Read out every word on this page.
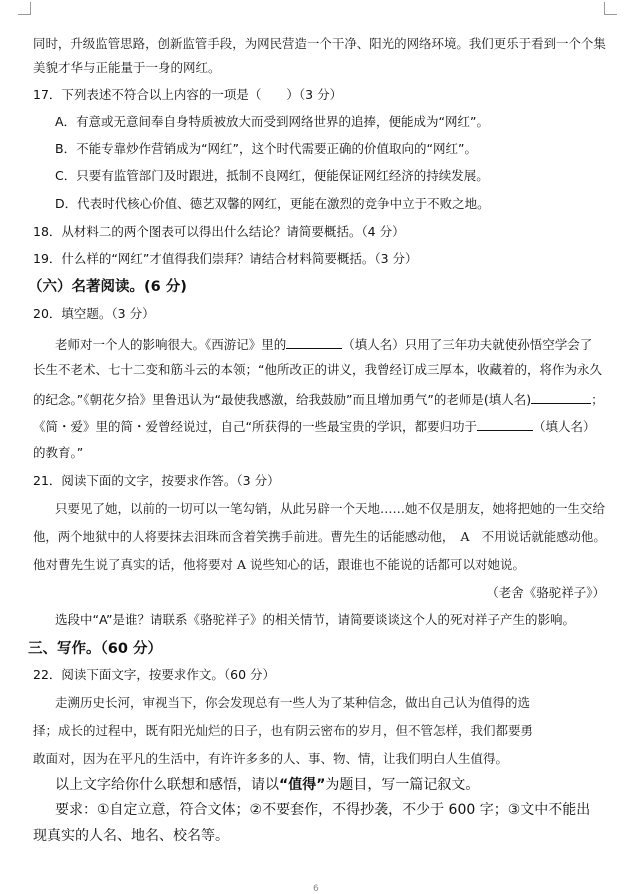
同时，升级监管思路，创新监管手段，为网民营造一个干净、阳光的网络环境。我们更乐于看到一个个集
美貌才华与正能量于一身的网红。
17．下列表述不符合以上内容的一项是（　　）（3 分）
A．有意或无意间奉自身特质被放大而受到网络世界的追捧，便能成为“网红”。
B．不能专靠炒作营销成为“网红”，这个时代需要正确的价值取向的“网红”。
C．只要有监管部门及时跟进，抵制不良网红，便能保证网红经济的持续发展。
D．代表时代核心价值、德艺双馨的网红，更能在激烈的竞争中立于不败之地。
18．从材料二的两个图表可以得出什么结论？请简要概括。（4 分）
19．什么样的“网红”才值得我们崇拜？请结合材料简要概括。（3 分）
（六）名著阅读。(6 分)
20．填空题。（3 分）
老师对一个人的影响很大。《西游记》里的	（填人名）只用了三年功夫就使孙悟空学会了
长生不老术、七十二变和筋斗云的本领；“他所改正的讲义，我曾经订成三厚本，收藏着的，将作为永久
的纪念。”《朝花夕拾》里鲁迅认为“最使我感激，给我鼓励”而且增加勇气”的老师是(填人名)	；
《简・爱》里的简・爱曾经说过，自己“所获得的一些最宝贵的学识，都要归功于	（填人名）
的教育。”
21．阅读下面的文字，按要求作答。（3 分）
只要见了她，以前的一切可以一笔勾销，从此另辟一个天地……她不仅是朋友，她将把她的一生交给
他，两个地狱中的人将要抹去泪珠而含着笑携手前进。曹先生的话能感动他，　A　不用说话就能感动他。
他对曹先生说了真实的话，他将要对 A 说些知心的话，跟谁也不能说的话都可以对她说。
（老舍《骆驼祥子》）
选段中“A”是谁？请联系《骆驼祥子》的相关情节，请简要谈谈这个人的死对祥子产生的影响。
三、写作。（60 分）
22．阅读下面文字，按要求作文。（60 分）
走溯历史长河，审视当下，你会发现总有一些人为了某种信念，做出自己认为值得的选
择；成长的过程中，既有阳光灿烂的日子，也有阴云密布的岁月，但不管怎样，我们都要勇
敢面对，因为在平凡的生活中，有许许多多的人、事、物、情，让我们明白人生值得。
以上文字给你什么联想和感悟，请以“值得”为题目，写一篇记叙文。
要求：①自定立意，符合文体；②不要套作，不得抄袭，不少于 600 字；③文中不能出
现真实的人名、地名、校名等。
6
